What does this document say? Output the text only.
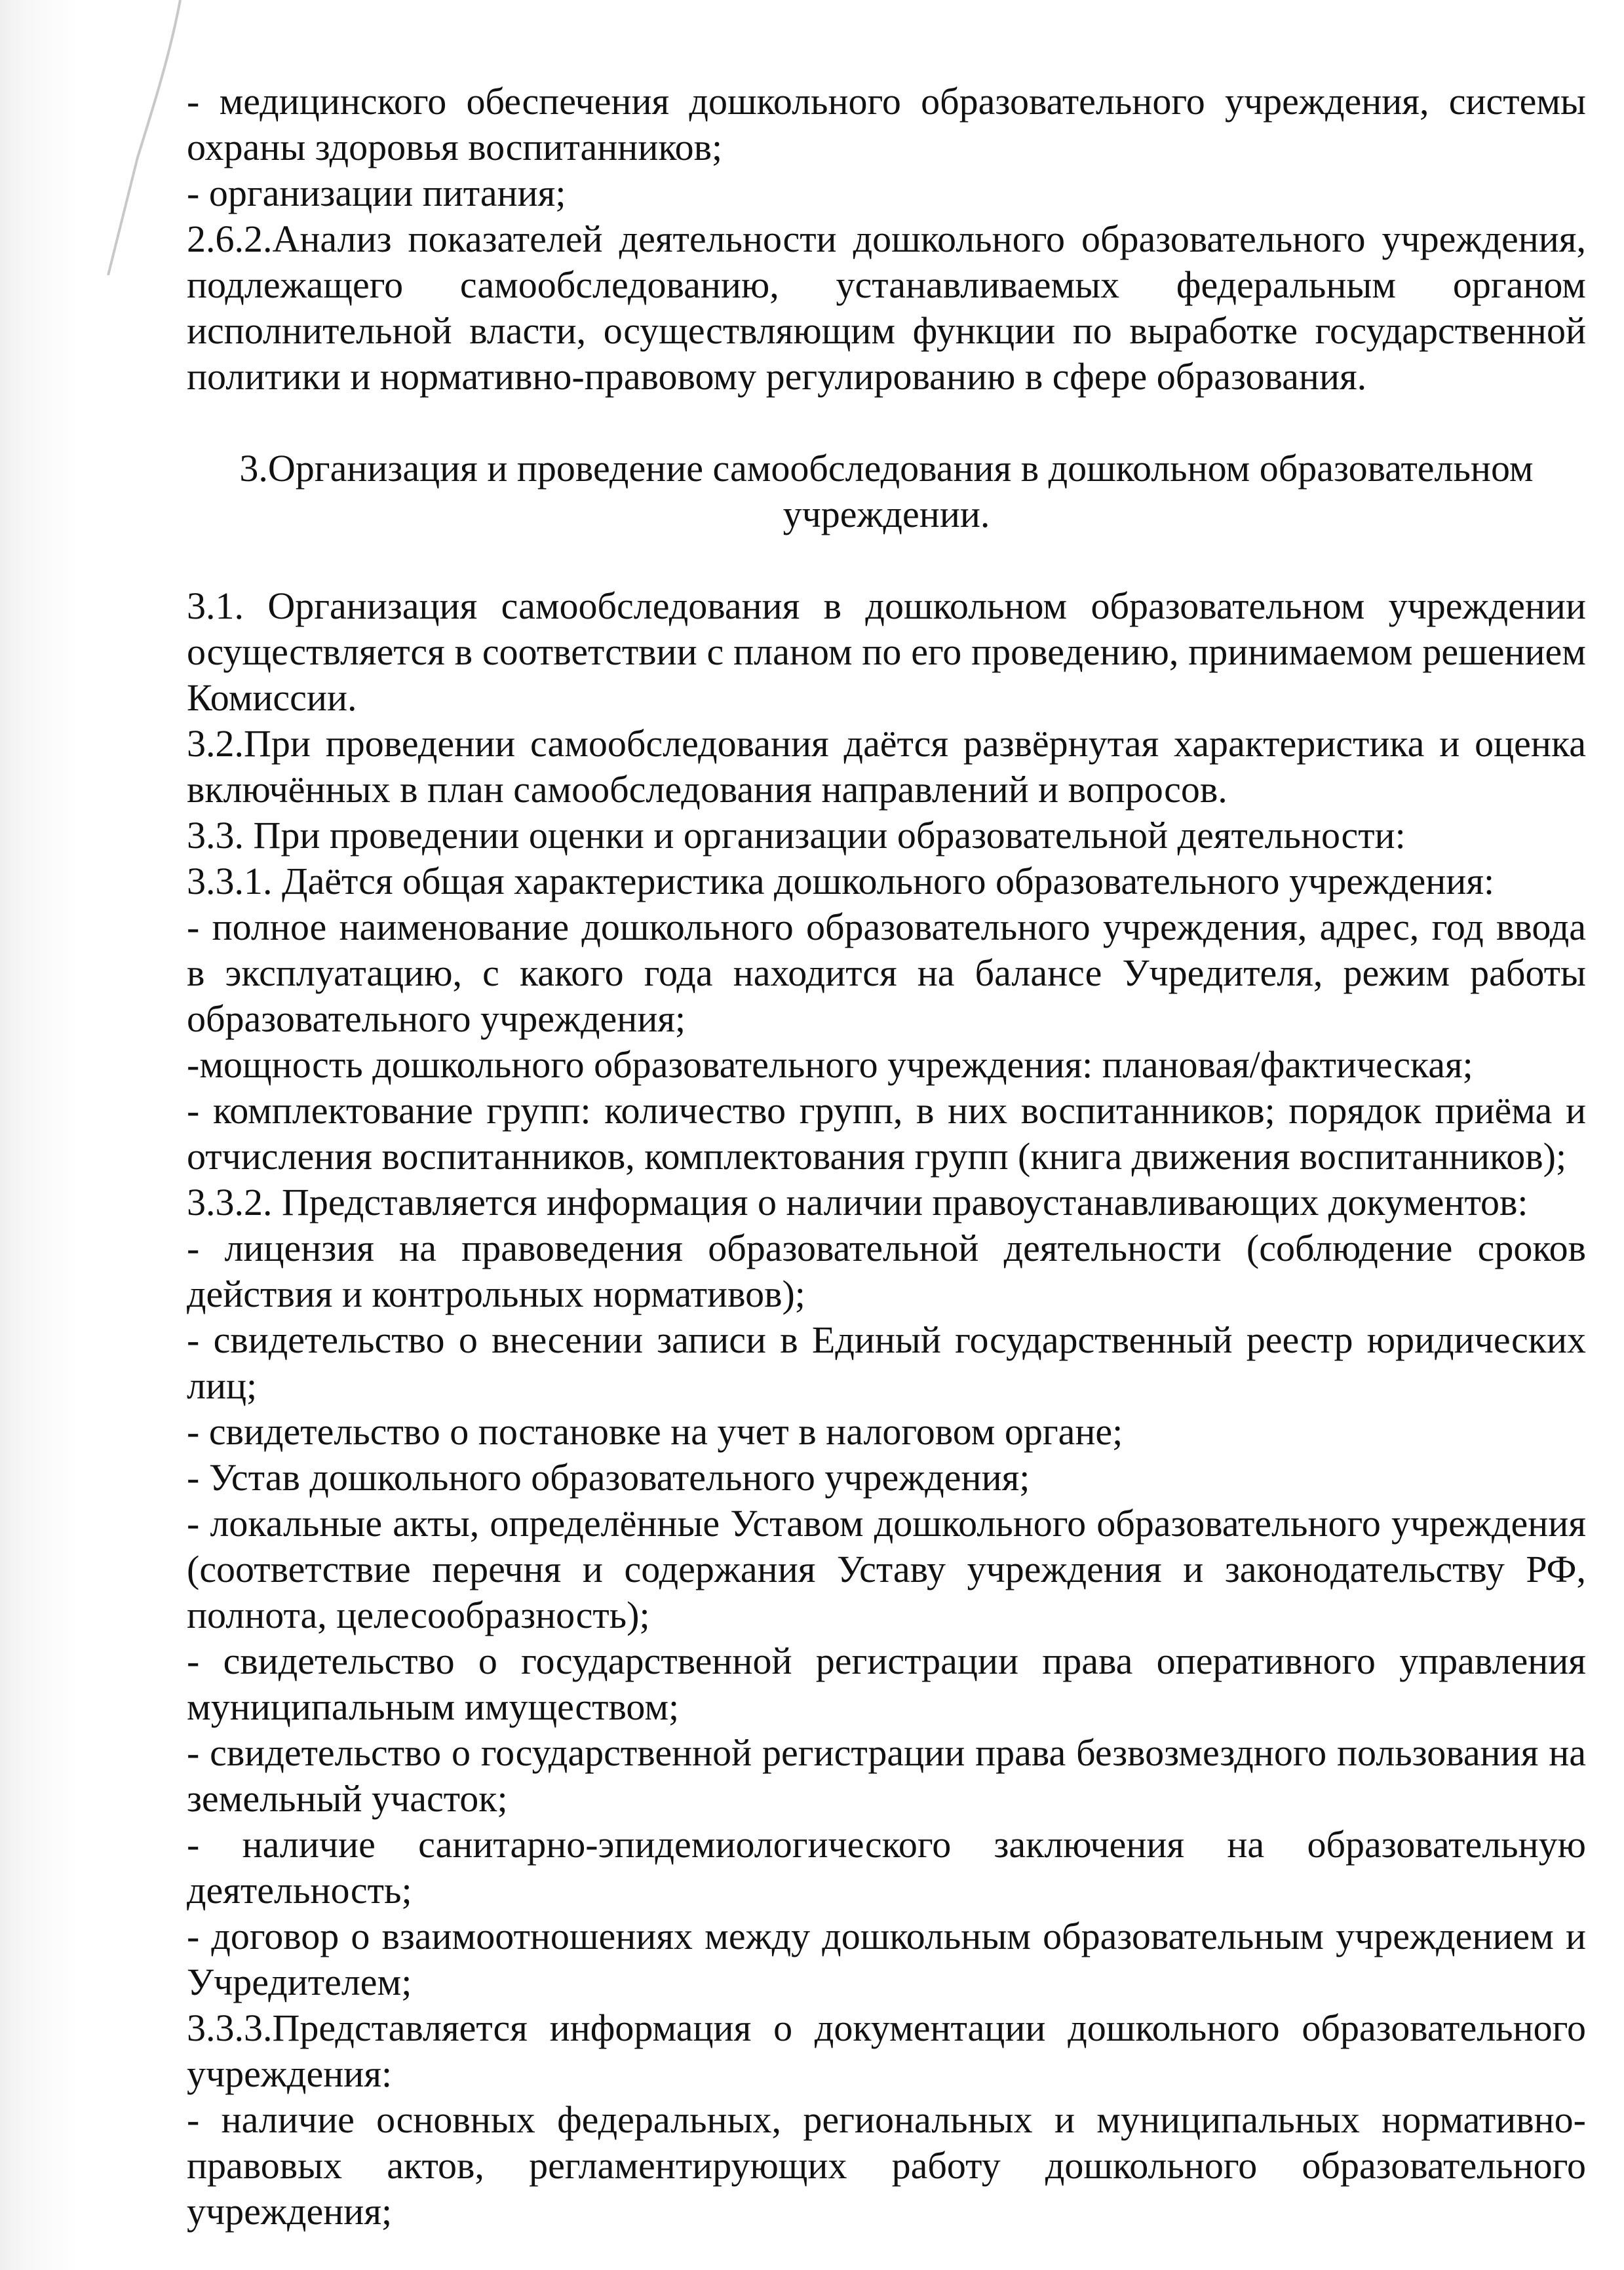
- медицинского обеспечения дошкольного образовательного учреждения, системы охраны здоровья воспитанников;

- организации питания;

2.6.2.Анализ показателей деятельности дошкольного образовательного учреждения, подлежащего самообследованию, устанавливаемых федеральным органом исполнительной власти, осуществляющим функции по выработке государственной политики и нормативно-правовому регулированию в сфере образования.

3.Организация и проведение самообследования в дошкольном образовательном учреждении.

3.1. Организация самообследования в дошкольном образовательном учреждении осуществляется в соответствии с планом по его проведению, принимаемом решением Комиссии.

3.2.При проведении самообследования даётся развёрнутая характеристика и оценка включённых в план самообследования направлений и вопросов.

3.3. При проведении оценки и организации образовательной деятельности:

3.3.1. Даётся общая характеристика дошкольного образовательного учреждения:

- полное наименование дошкольного образовательного учреждения, адрес, год ввода в эксплуатацию, с какого года находится на балансе Учредителя, режим работы образовательного учреждения;

-мощность дошкольного образовательного учреждения: плановая/фактическая;

- комплектование групп: количество групп, в них воспитанников; порядок приёма и отчисления воспитанников, комплектования групп (книга движения воспитанников);

3.3.2. Представляется информация о наличии правоустанавливающих документов:

- лицензия на правоведения образовательной деятельности (соблюдение сроков действия и контрольных нормативов);

- свидетельство о внесении записи в Единый государственный реестр юридических лиц;

- свидетельство о постановке на учет в налоговом органе;

- Устав дошкольного образовательного учреждения;

- локальные акты, определённые Уставом дошкольного образовательного учреждения (соответствие перечня и содержания Уставу учреждения и законодательству РФ, полнота, целесообразность);

- свидетельство о государственной регистрации права оперативного управления муниципальным имуществом;

- свидетельство о государственной регистрации права безвозмездного пользования на земельный участок;

- наличие санитарно-эпидемиологического заключения на образовательную деятельность;

- договор о взаимоотношениях между дошкольным образовательным учреждением и Учредителем;

3.3.3.Представляется информация о документации дошкольного образовательного учреждения:

- наличие основных федеральных, региональных и муниципальных нормативно-правовых актов, регламентирующих работу дошкольного образовательного учреждения;
